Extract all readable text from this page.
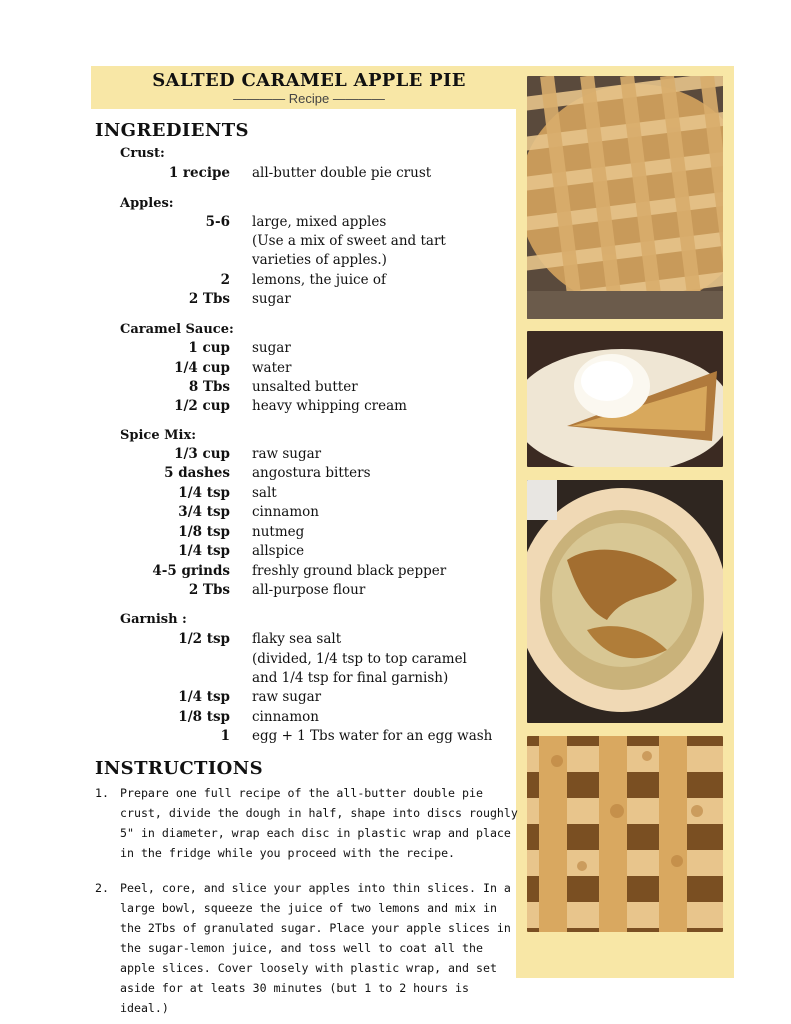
SALTED CARAMEL APPLE PIE
———— Recipe ————
INGREDIENTS
Crust:
1 recipe all-butter double pie crust
Apples:
5-6 large, mixed apples
(Use a mix of sweet and tart
varieties of apples.)
2 lemons, the juice of
2 Tbs sugar
Caramel Sauce:
1 cup sugar
1/4 cup water
8 Tbs unsalted butter
1/2 cup heavy whipping cream
Spice Mix:
1/3 cup raw sugar
5 dashes angostura bitters
1/4 tsp salt
3/4 tsp cinnamon
1/8 tsp nutmeg
1/4 tsp allspice
4-5 grinds freshly ground black pepper
2 Tbs all-purpose flour
Garnish :
1/2 tsp flaky sea salt
(divided, 1/4 tsp to top caramel
and 1/4 tsp for final garnish)
1/4 tsp raw sugar
1/8 tsp cinnamon
1 egg + 1 Tbs water for an egg wash
INSTRUCTIONS
1. Prepare one full recipe of the all-butter double pie crust, divide the dough in half, shape into discs roughly 5" in diameter, wrap each disc in plastic wrap and place in the fridge while you proceed with the recipe.
2. Peel, core, and slice your apples into thin slices. In a large bowl, squeeze the juice of two lemons and mix in the 2Tbs of granulated sugar. Place your apple slices in the sugar-lemon juice, and toss well to coat all the apple slices. Cover loosely with plastic wrap, and set aside for at leats 30 minutes (but 1 to 2 hours is ideal.)
